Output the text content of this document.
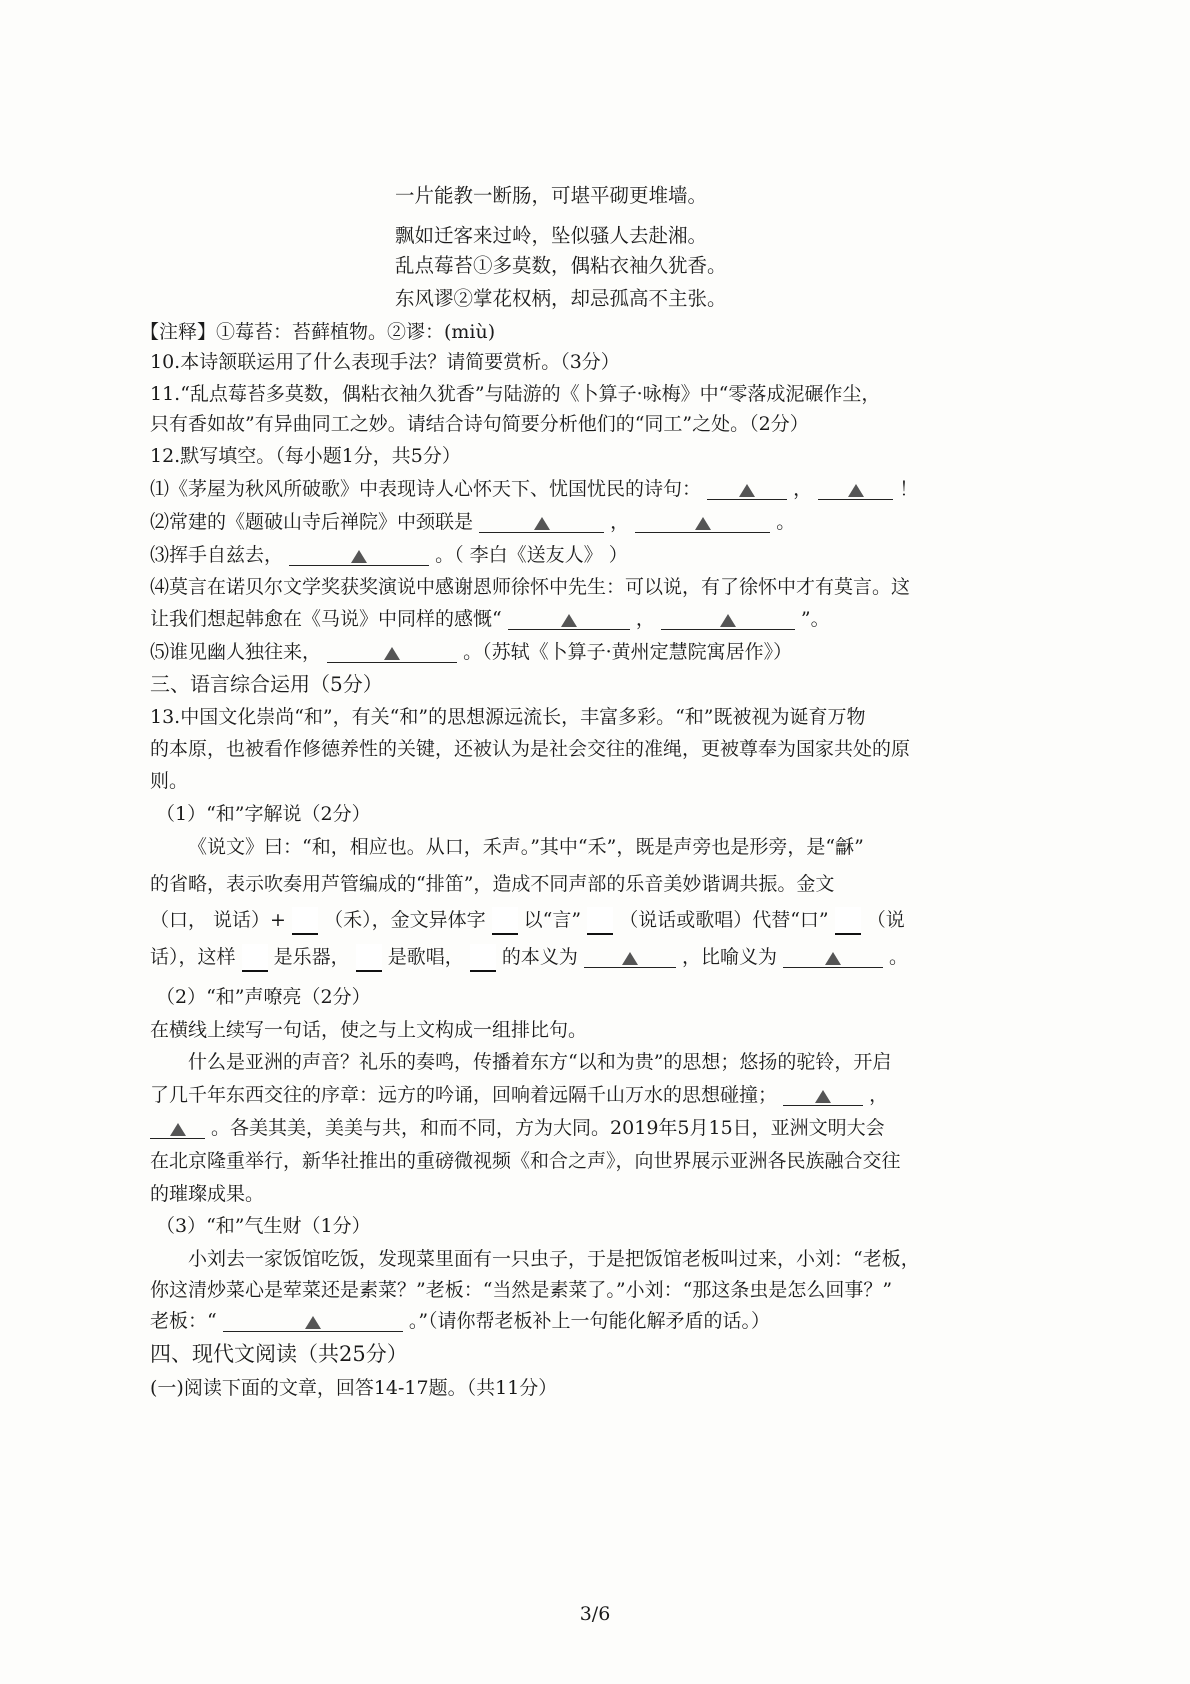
一片能教一断肠，可堪平砌更堆墙。
飘如迁客来过岭，坠似骚人去赴湘。
乱点莓苔①多莫数，偶粘衣袖久犹香。
东风谬②掌花权柄，却忌孤高不主张。
【注释】①莓苔：苔藓植物。②谬：(miù)
10.本诗颔联运用了什么表现手法？请简要赏析。（3分）
11.“乱点莓苔多莫数，偶粘衣袖久犹香”与陆游的《卜算子·咏梅》中“零落成泥碾作尘，
只有香如故”有异曲同工之妙。请结合诗句简要分析他们的“同工”之处。（2分）
12.默写填空。（每小题1分，共5分）
⑴《茅屋为秋风所破歌》中表现诗人心怀天下、忧国忧民的诗句：	，	！
⑵常建的《题破山寺后禅院》中颈联是	，	。
⑶挥手自兹去，	。（ 李白《送友人》 ）
⑷莫言在诺贝尔文学奖获奖演说中感谢恩师徐怀中先生：可以说，有了徐怀中才有莫言。这
让我们想起韩愈在《马说》中同样的感慨“	，	”。
⑸谁见幽人独往来，	。（苏轼《卜算子·黄州定慧院寓居作》）
三、语言综合运用（5分）
13.中国文化崇尚“和”，有关“和”的思想源远流长，丰富多彩。“和”既被视为诞育万物
的本原，也被看作修德养性的关键，还被认为是社会交往的准绳，更被尊奉为国家共处的原
则。
（1）“和”字解说（2分）
《说文》曰：“和，相应也。从口，禾声。”其中“禾”，既是声旁也是形旁，是“龢”
的省略，表示吹奏用芦管编成的“排笛”，造成不同声部的乐音美妙谐调共振。金文
（口， 说话）+ （禾），金文异体字 以“言” （说话或歌唱）代替“口” （说
话），这样 是乐器， 是歌唱， 的本义为	，比喻义为	。
（2）“和”声嘹亮（2分）
在横线上续写一句话，使之与上文构成一组排比句。
什么是亚洲的声音？礼乐的奏鸣，传播着东方“以和为贵”的思想；悠扬的驼铃，开启
了几千年东西交往的序章：远方的吟诵，回响着远隔千山万水的思想碰撞；	，
。各美其美，美美与共，和而不同，方为大同。2019年5月15日，亚洲文明大会
在北京隆重举行，新华社推出的重磅微视频《和合之声》，向世界展示亚洲各民族融合交往
的璀璨成果。
（3）“和”气生财（1分）
小刘去一家饭馆吃饭，发现菜里面有一只虫子，于是把饭馆老板叫过来，小刘：“老板，
你这清炒菜心是荤菜还是素菜？”老板：“当然是素菜了。”小刘：“那这条虫是怎么回事？”
老板：“	。”（请你帮老板补上一句能化解矛盾的话。）
四、现代文阅读（共25分）
(一)阅读下面的文章，回答14-17题。（共11分）
3/6
